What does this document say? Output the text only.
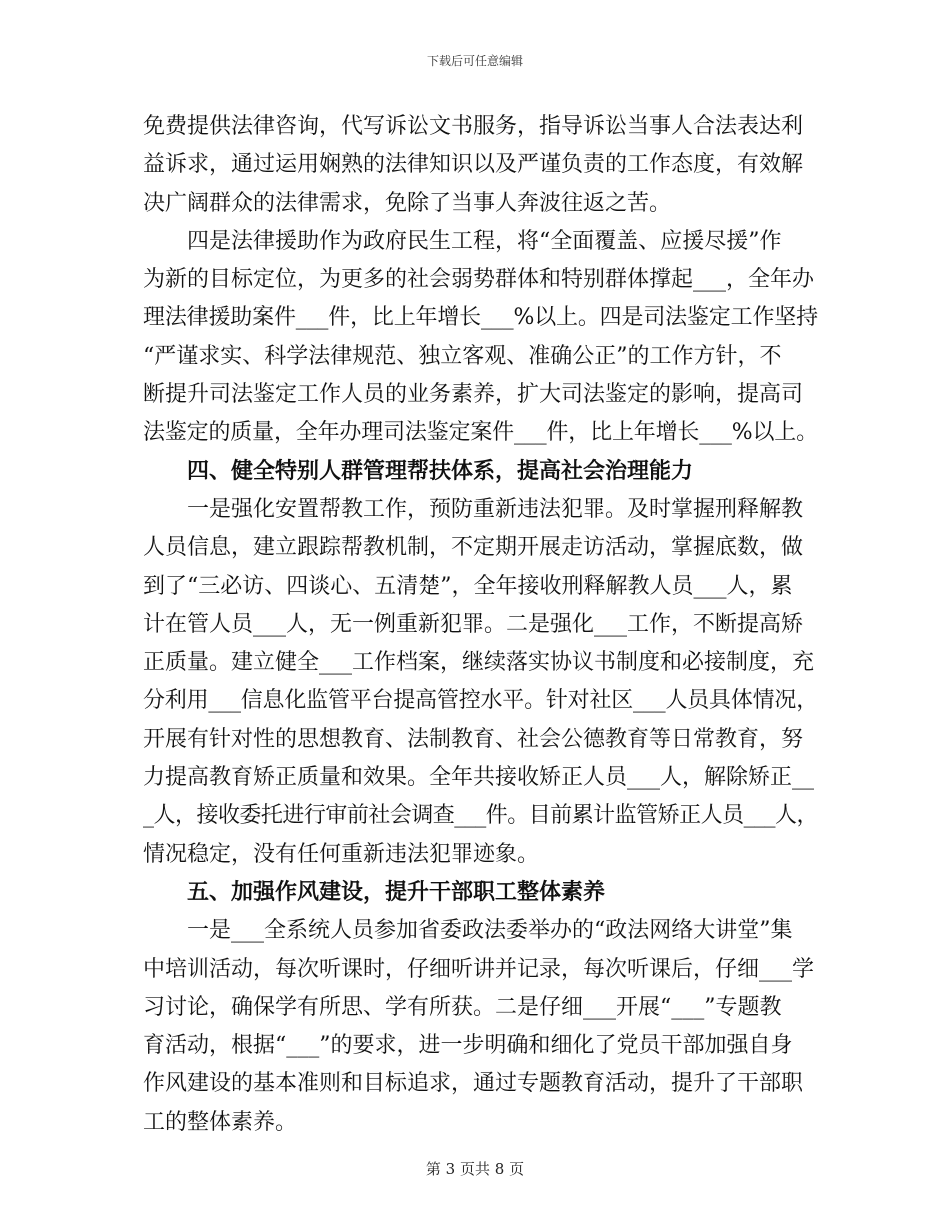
下载后可任意编辑
免费提供法律咨询，代写诉讼文书服务，指导诉讼当事人合法表达利
益诉求，通过运用娴熟的法律知识以及严谨负责的工作态度，有效解
决广阔群众的法律需求，免除了当事人奔波往返之苦。
　　四是法律援助作为政府民生工程，将“全面覆盖、应援尽援”作
为新的目标定位，为更多的社会弱势群体和特别群体撑起___，全年办
理法律援助案件___件，比上年增长___%以上。四是司法鉴定工作坚持
“严谨求实、科学法律规范、独立客观、准确公正”的工作方针，不
断提升司法鉴定工作人员的业务素养，扩大司法鉴定的影响，提高司
法鉴定的质量，全年办理司法鉴定案件___件，比上年增长___%以上。
　　四、健全特别人群管理帮扶体系，提高社会治理能力
　　一是强化安置帮教工作，预防重新违法犯罪。及时掌握刑释解教
人员信息，建立跟踪帮教机制，不定期开展走访活动，掌握底数，做
到了“三必访、四谈心、五清楚”，全年接收刑释解教人员___人，累
计在管人员___人，无一例重新犯罪。二是强化___工作，不断提高矫
正质量。建立健全___工作档案，继续落实协议书制度和必接制度，充
分利用___信息化监管平台提高管控水平。针对社区___人员具体情况，
开展有针对性的思想教育、法制教育、社会公德教育等日常教育，努
力提高教育矫正质量和效果。全年共接收矫正人员___人，解除矫正__
_人，接收委托进行审前社会调查___件。目前累计监管矫正人员___人，
情况稳定，没有任何重新违法犯罪迹象。
　　五、加强作风建设，提升干部职工整体素养
　　一是___全系统人员参加省委政法委举办的“政法网络大讲堂”集
中培训活动，每次听课时，仔细听讲并记录，每次听课后，仔细___学
习讨论，确保学有所思、学有所获。二是仔细___开展“___”专题教
育活动，根据“___”的要求，进一步明确和细化了党员干部加强自身
作风建设的基本准则和目标追求，通过专题教育活动，提升了干部职
工的整体素养。
第 3 页共 8 页
